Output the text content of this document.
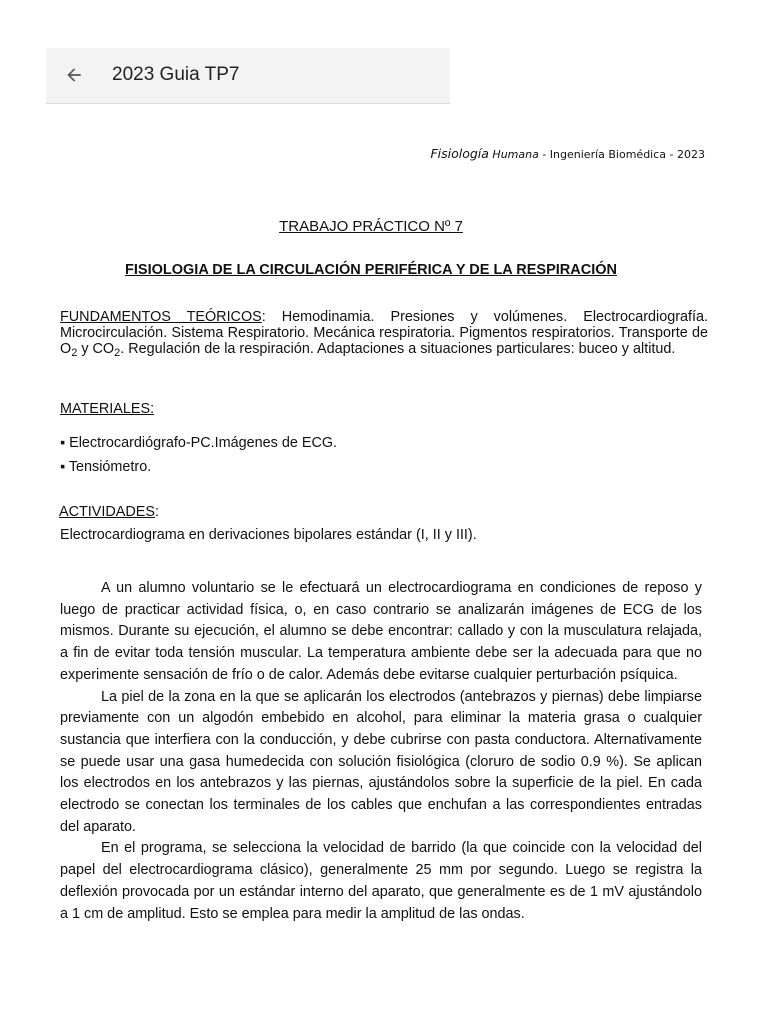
2023 Guia TP7
Fisiología Humana - Ingeniería Biomédica - 2023
TRABAJO PRÁCTICO Nº 7
FISIOLOGIA DE LA CIRCULACIÓN PERIFÉRICA Y DE LA RESPIRACIÓN
FUNDAMENTOS TEÓRICOS: Hemodinamia. Presiones y volúmenes. Electrocardiografía. Microcirculación. Sistema Respiratorio. Mecánica respiratoria. Pigmentos respiratorios. Transporte de $O_2$ y $CO_2$. Regulación de la respiración. Adaptaciones a situaciones particulares: buceo y altitud.
MATERIALES:
▪ Electrocardiógrafo-PC.Imágenes de ECG.
▪ Tensiómetro.
ACTIVIDADES:
Electrocardiograma en derivaciones bipolares estándar (I, II y III).

A un alumno voluntario se le efectuará un electrocardiograma en condiciones de reposo y luego de practicar actividad física, o, en caso contrario se analizarán imágenes de ECG de los mismos. Durante su ejecución, el alumno se debe encontrar: callado y con la musculatura relajada, a fin de evitar toda tensión muscular. La temperatura ambiente debe ser la adecuada para que no experimente sensación de frío o de calor. Además debe evitarse cualquier perturbación psíquica.

La piel de la zona en la que se aplicarán los electrodos (antebrazos y piernas) debe limpiarse previamente con un algodón embebido en alcohol, para eliminar la materia grasa o cualquier sustancia que interfiera con la conducción, y debe cubrirse con pasta conductora. Alternativamente se puede usar una gasa humedecida con solución fisiológica (cloruro de sodio 0.9 %). Se aplican los electrodos en los antebrazos y las piernas, ajustándolos sobre la superficie de la piel. En cada electrodo se conectan los terminales de los cables que enchufan a las correspondientes entradas del aparato.

En el programa, se selecciona la velocidad de barrido (la que coincide con la velocidad del papel del electrocardiograma clásico), generalmente 25 mm por segundo. Luego se registra la deflexión provocada por un estándar interno del aparato, que generalmente es de 1 mV ajustándolo a 1 cm de amplitud. Esto se emplea para medir la amplitud de las ondas.
